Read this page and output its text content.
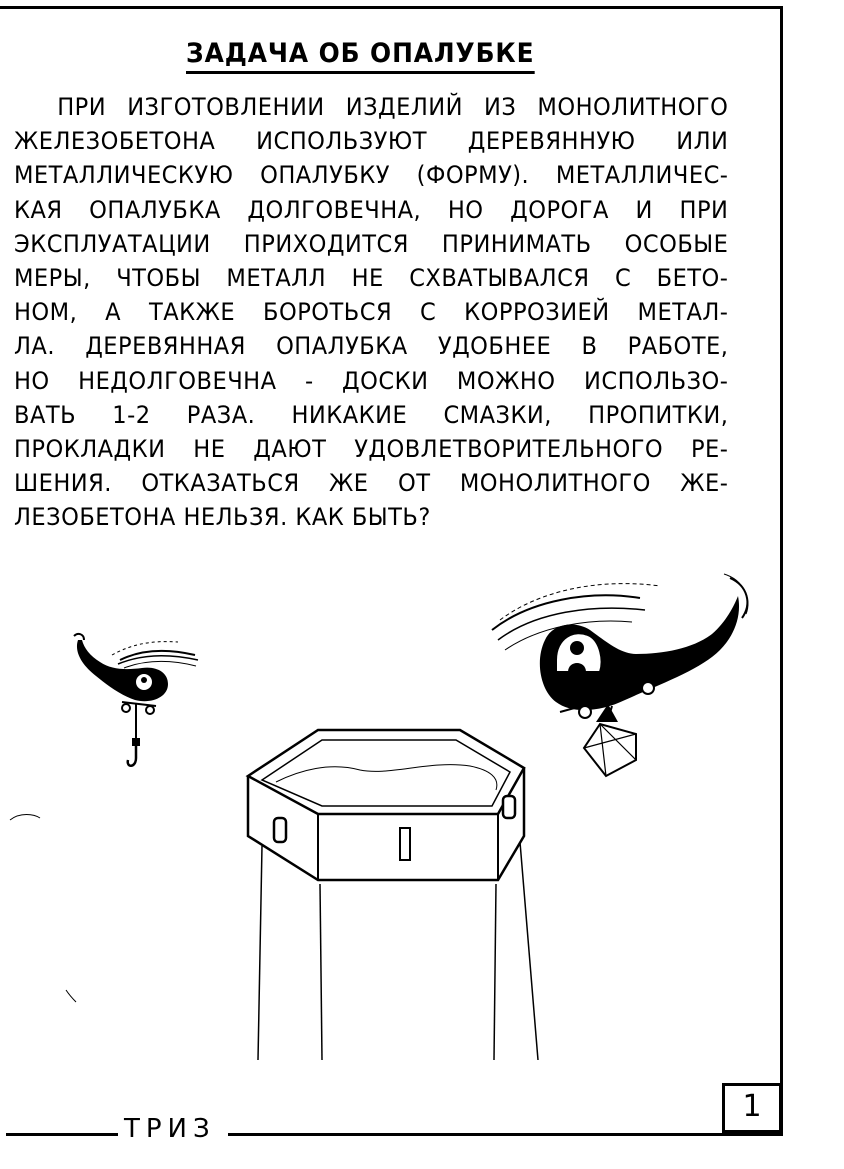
ЗАДАЧА ОБ ОПАЛУБКЕ
ПРИ ИЗГОТОВЛЕНИИ ИЗДЕЛИЙ ИЗ МОНОЛИТНОГО
ЖЕЛЕЗОБЕТОНА ИСПОЛЬЗУЮТ ДЕРЕВЯННУЮ ИЛИ
МЕТАЛЛИЧЕСКУЮ ОПАЛУБКУ (ФОРМУ). МЕТАЛЛИЧЕС-
КАЯ ОПАЛУБКА ДОЛГОВЕЧНА, НО ДОРОГА И ПРИ
ЭКСПЛУАТАЦИИ ПРИХОДИТСЯ ПРИНИМАТЬ ОСОБЫЕ
МЕРЫ, ЧТОБЫ МЕТАЛЛ НЕ СХВАТЫВАЛСЯ С БЕТО-
НОМ, А ТАКЖЕ БОРОТЬСЯ С КОРРОЗИЕЙ МЕТАЛ-
ЛА. ДЕРЕВЯННАЯ ОПАЛУБКА УДОБНЕЕ В РАБОТЕ,
НО НЕДОЛГОВЕЧНА - ДОСКИ МОЖНО ИСПОЛЬЗО-
ВАТЬ 1-2 РАЗА. НИКАКИЕ СМАЗКИ, ПРОПИТКИ,
ПРОКЛАДКИ НЕ ДАЮТ УДОВЛЕТВОРИТЕЛЬНОГО РЕ-
ШЕНИЯ. ОТКАЗАТЬСЯ ЖЕ ОТ МОНОЛИТНОГО ЖЕ-
ЛЕЗОБЕТОНА НЕЛЬЗЯ. КАК БЫТЬ?
ТРИЗ
1
